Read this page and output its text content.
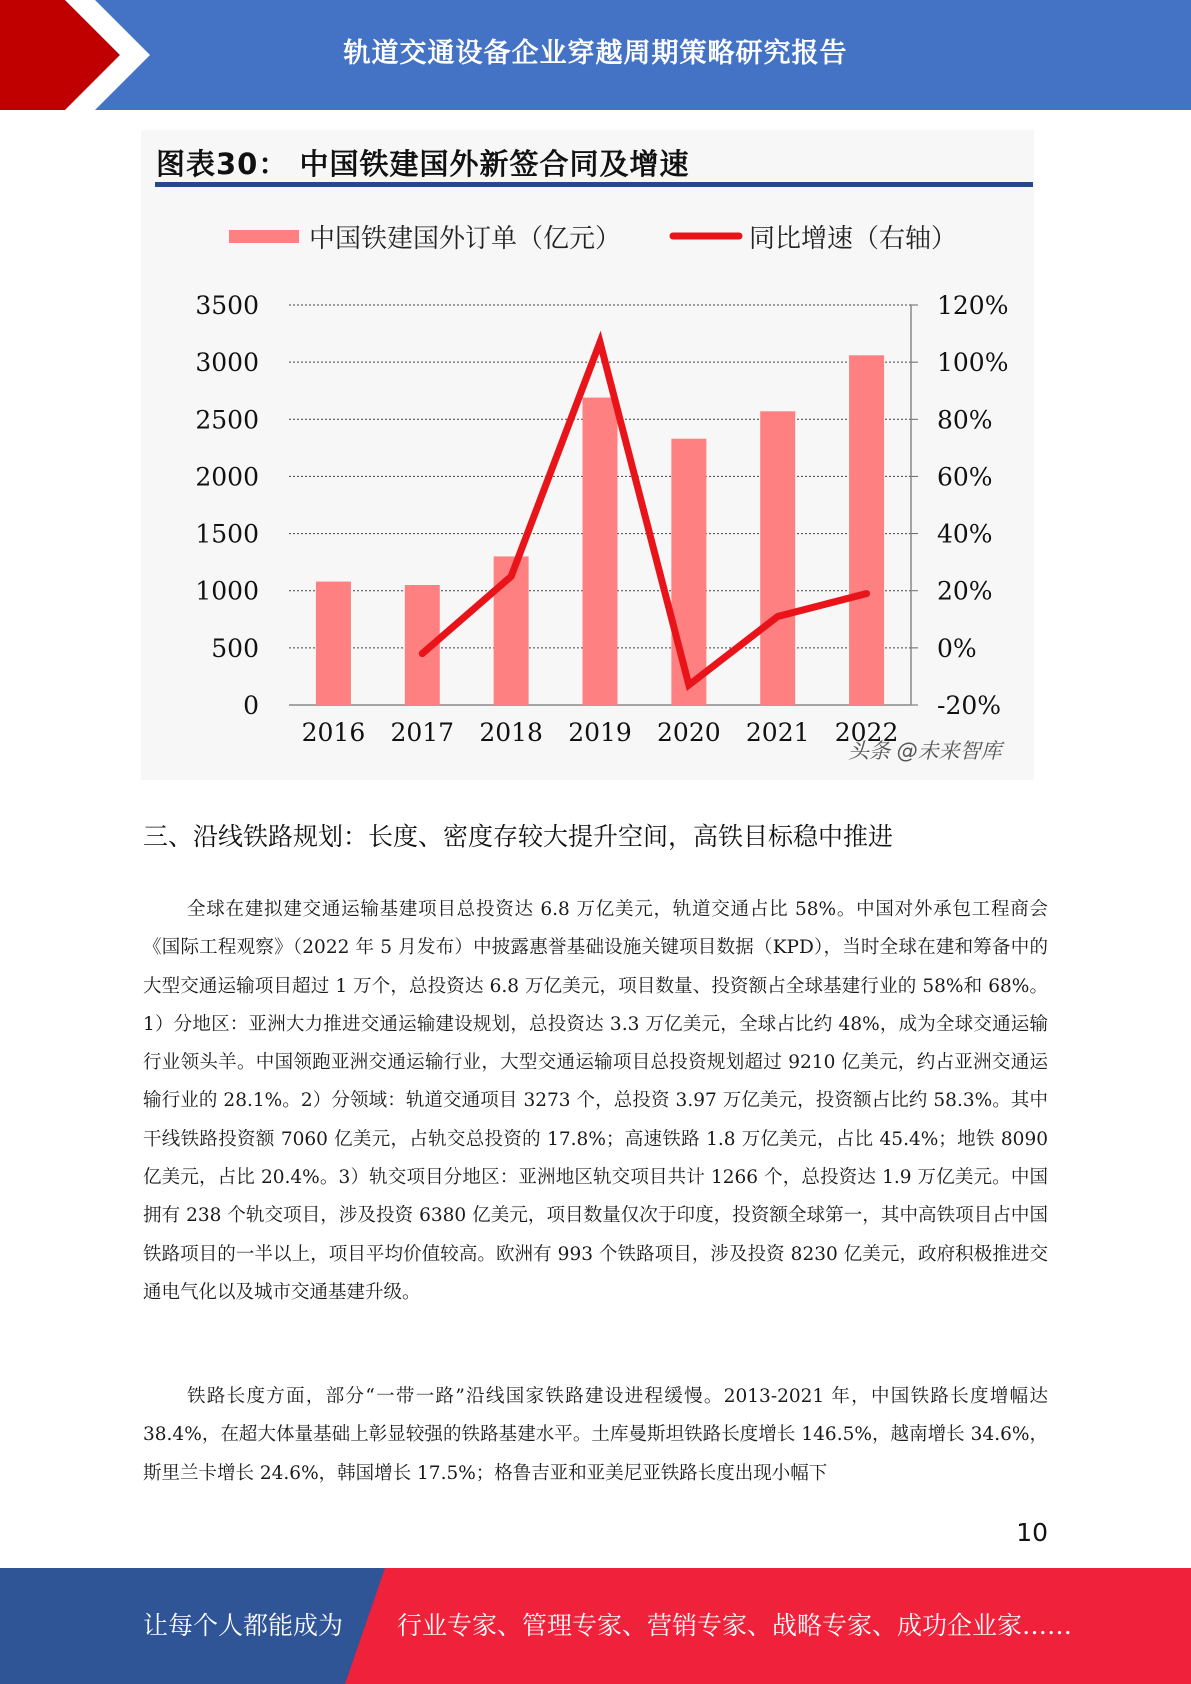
轨道交通设备企业穿越周期策略研究报告
图表30： 中国铁建国外新签合同及增速
0
500
1000
1500
2000
2500
3000
3500
-20%
0%
20%
40%
60%
80%
100%
120%
2016 2017 2018 2019 2020 2021 2022
中国铁建国外订单（亿元）	同比增速（右轴）
头条 @未来智库
三、沿线铁路规划：长度、密度存较大提升空间，高铁目标稳中推进
全球在建拟建交通运输基建项目总投资达 6.8 万亿美元，轨道交通占比 58%。中国对外承包工程商会《国际工程观察》（2022 年 5 月发布）中披露惠誉基础设施关键项目数据（KPD），当时全球在建和筹备中的大型交通运输项目超过 1 万个，总投资达 6.8 万亿美元，项目数量、投资额占全球基建行业的 58%和 68%。1）分地区：亚洲大力推进交通运输建设规划，总投资达 3.3 万亿美元，全球占比约 48%，成为全球交通运输行业领头羊。中国领跑亚洲交通运输行业，大型交通运输项目总投资规划超过 9210 亿美元，约占亚洲交通运输行业的 28.1%。2）分领域：轨道交通项目 3273 个，总投资 3.97 万亿美元，投资额占比约 58.3%。其中干线铁路投资额 7060 亿美元，占轨交总投资的 17.8%；高速铁路 1.8 万亿美元，占比 45.4%；地铁 8090 亿美元，占比 20.4%。3）轨交项目分地区：亚洲地区轨交项目共计 1266 个，总投资达 1.9 万亿美元。中国拥有 238 个轨交项目，涉及投资 6380 亿美元，项目数量仅次于印度，投资额全球第一，其中高铁项目占中国铁路项目的一半以上，项目平均价值较高。欧洲有 993 个铁路项目，涉及投资 8230 亿美元，政府积极推进交通电气化以及城市交通基建升级。
铁路长度方面，部分“一带一路”沿线国家铁路建设进程缓慢。2013-2021 年，中国铁路长度增幅达 38.4%，在超大体量基础上彰显较强的铁路基建水平。土库曼斯坦铁路长度增长 146.5%，越南增长 34.6%，斯里兰卡增长 24.6%，韩国增长 17.5%；格鲁吉亚和亚美尼亚铁路长度出现小幅下
10
让每个人都能成为 行业专家、管理专家、营销专家、战略专家、成功企业家……
